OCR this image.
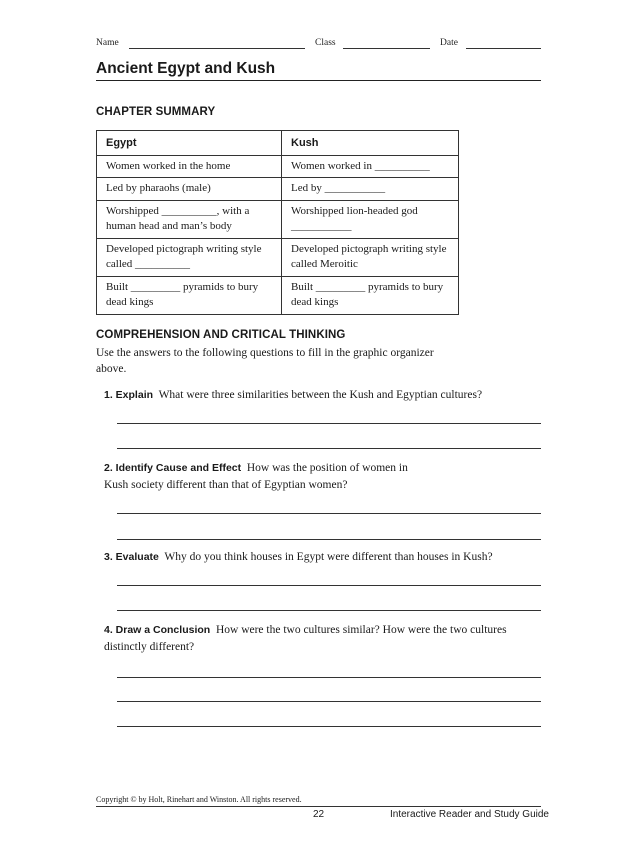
Name	Class	Date
Ancient Egypt and Kush
CHAPTER SUMMARY
Egypt	Kush
Women worked in the home	Women worked in __________
Led by pharaohs (male)	Led by ___________
Worshipped __________, with a human head and man’s body	Worshipped lion-headed god ___________
Developed pictograph writing style called __________	Developed pictograph writing style called Meroitic
Built _________ pyramids to bury dead kings	Built _________ pyramids to bury dead kings
COMPREHENSION AND CRITICAL THINKING
Use the answers to the following questions to fill in the graphic organizer above.
1. Explain What were three similarities between the Kush and Egyptian cultures?
2. Identify Cause and Effect How was the position of women in Kush society different than that of Egyptian women?
3. Evaluate Why do you think houses in Egypt were different than houses in Kush?
4. Draw a Conclusion How were the two cultures similar? How were the two cultures distinctly different?
Copyright © by Holt, Rinehart and Winston. All rights reserved.
22	Interactive Reader and Study Guide
